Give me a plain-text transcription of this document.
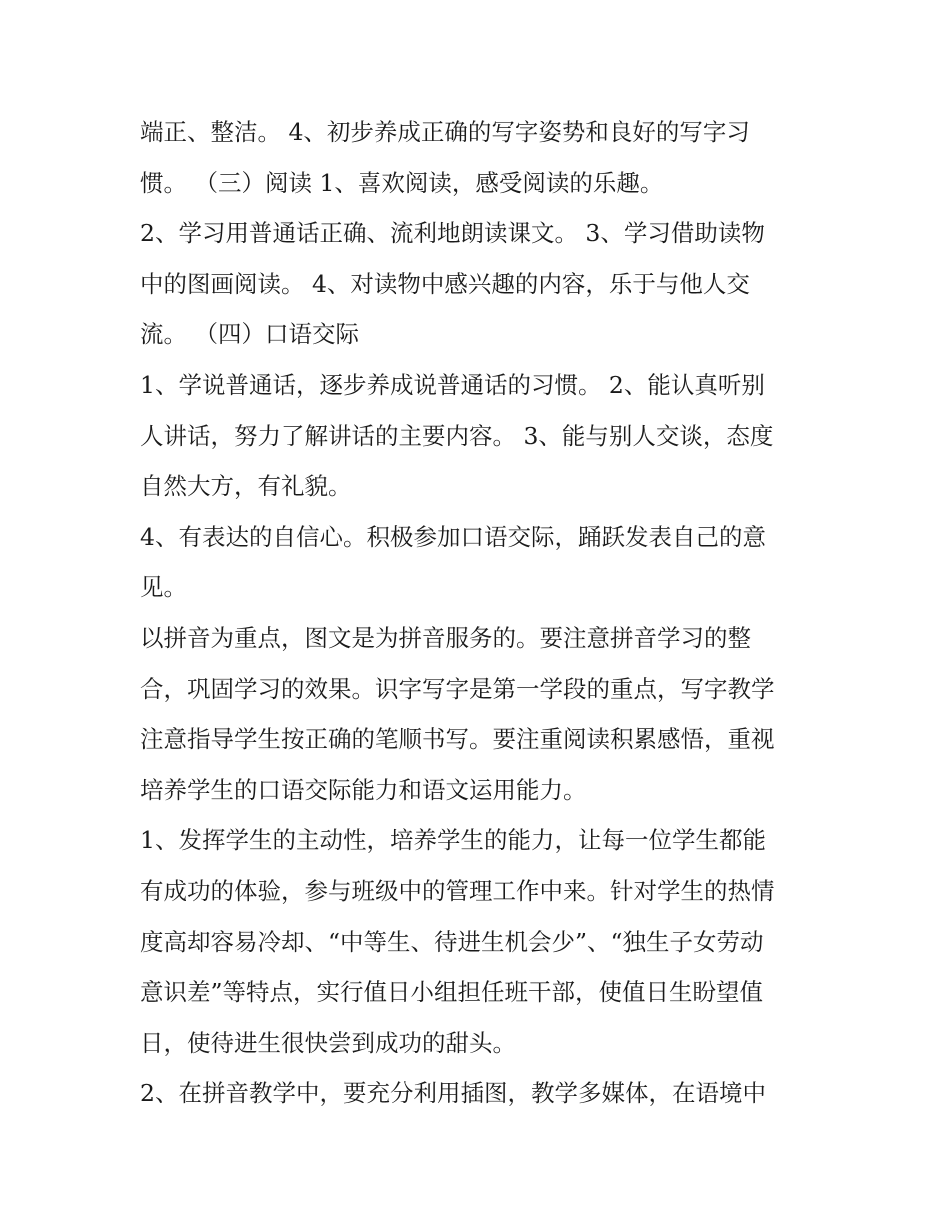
端正、整洁。 4、初步养成正确的写字姿势和良好的写字习
惯。 （三）阅读 1、喜欢阅读，感受阅读的乐趣。
2、学习用普通话正确、流利地朗读课文。 3、学习借助读物
中的图画阅读。 4、对读物中感兴趣的内容，乐于与他人交
流。 （四）口语交际
1、学说普通话，逐步养成说普通话的习惯。 2、能认真听别
人讲话，努力了解讲话的主要内容。 3、能与别人交谈，态度
自然大方，有礼貌。
4、有表达的自信心。积极参加口语交际，踊跃发表自己的意
见。
以拼音为重点，图文是为拼音服务的。要注意拼音学习的整
合，巩固学习的效果。识字写字是第一学段的重点，写字教学
注意指导学生按正确的笔顺书写。要注重阅读积累感悟，重视
培养学生的口语交际能力和语文运用能力。
1、发挥学生的主动性，培养学生的能力，让每一位学生都能
有成功的体验，参与班级中的管理工作中来。针对学生的热情
度高却容易冷却、“中等生、待进生机会少”、“独生子女劳动
意识差”等特点，实行值日小组担任班干部，使值日生盼望值
日，使待进生很快尝到成功的甜头。
2、在拼音教学中，要充分利用插图，教学多媒体，在语境中
